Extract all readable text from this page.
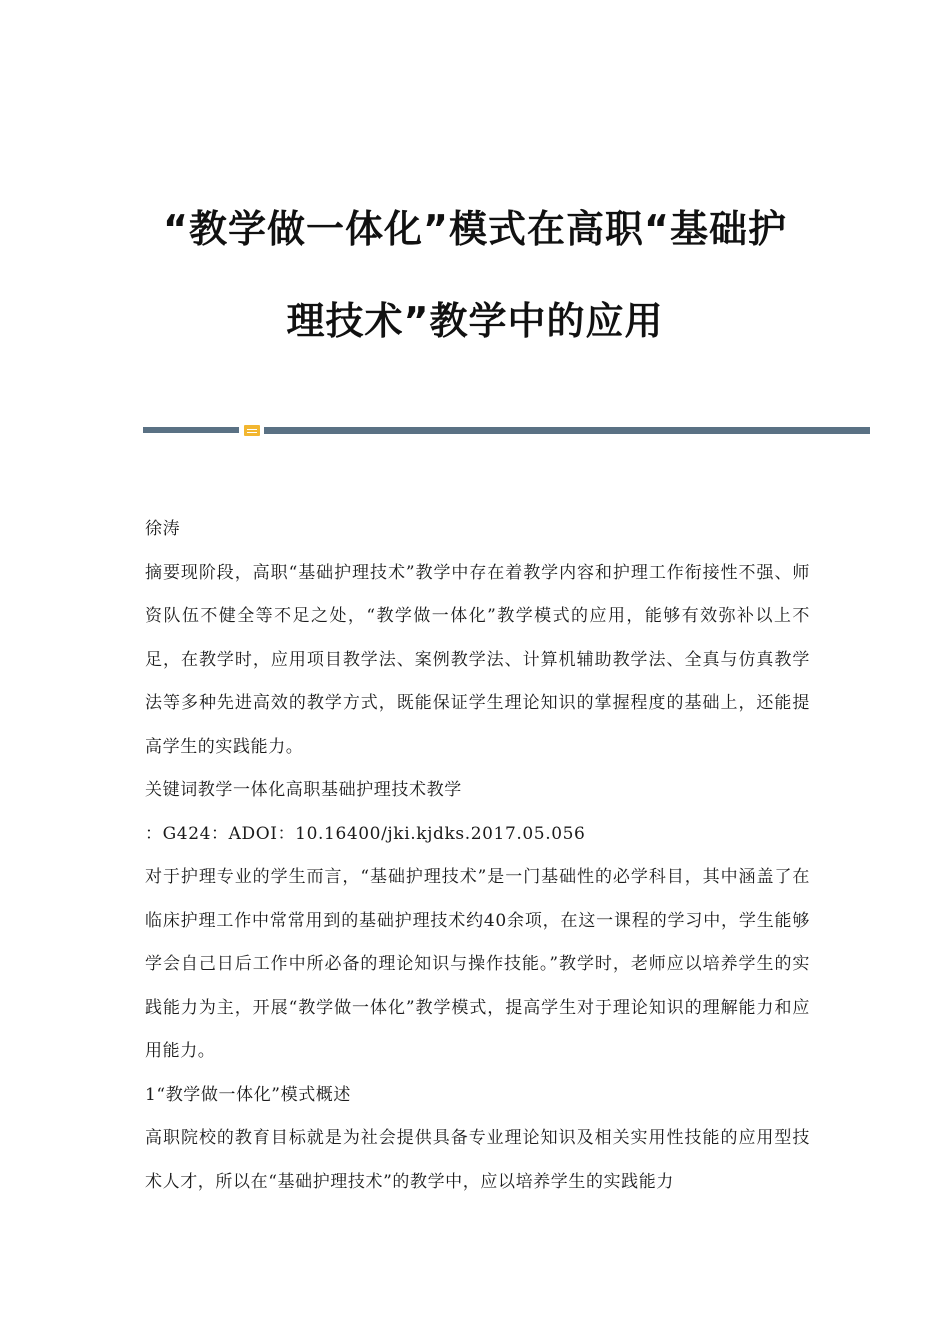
“教学做一体化”模式在高职“基础护
理技术”教学中的应用

徐涛

摘要现阶段，高职“基础护理技术”教学中存在着教学内容和护理工作衔接性不强、师资队伍不健全等不足之处，“教学做一体化”教学模式的应用，能够有效弥补以上不足，在教学时，应用项目教学法、案例教学法、计算机辅助教学法、全真与仿真教学法等多种先进高效的教学方式，既能保证学生理论知识的掌握程度的基础上，还能提高学生的实践能力。

关键词教学一体化高职基础护理技术教学

：G424：ADOI：10.16400/jki.kjdks.2017.05.056

对于护理专业的学生而言，“基础护理技术”是一门基础性的必学科目，其中涵盖了在临床护理工作中常常用到的基础护理技术约40余项，在这一课程的学习中，学生能够学会自己日后工作中所必备的理论知识与操作技能。”教学时，老师应以培养学生的实践能力为主，开展“教学做一体化”教学模式，提高学生对于理论知识的理解能力和应用能力。

1“教学做一体化”模式概述

高职院校的教育目标就是为社会提供具备专业理论知识及相关实用性技能的应用型技术人才，所以在“基础护理技术”的教学中，应以培养学生的实践能力
